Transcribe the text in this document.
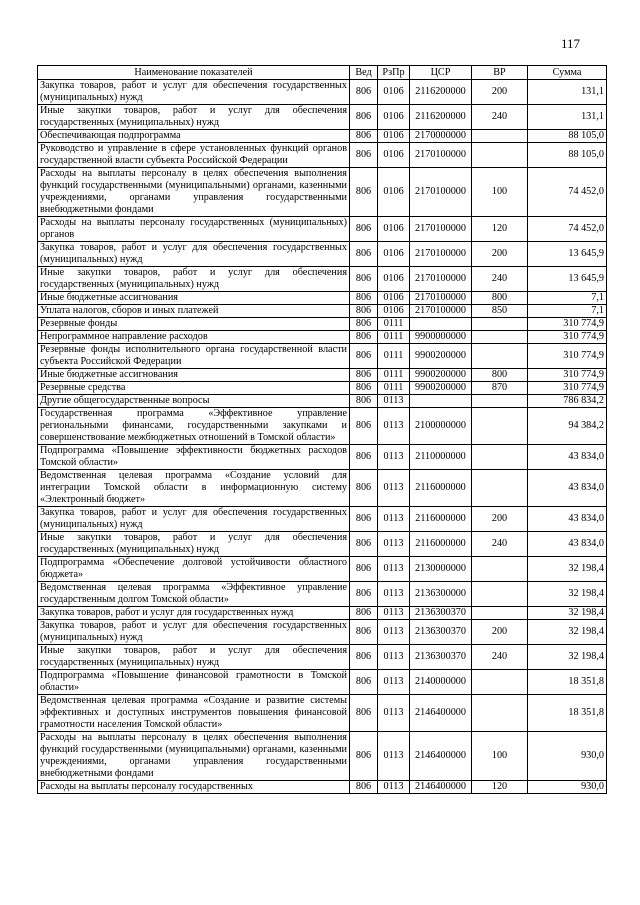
117
Наименование показателей	Вед	РзПр	ЦСР	ВР	Сумма
Закупка товаров, работ и услуг для обеспечения государственных (муниципальных) нужд	806	0106	2116200000	200	131,1
Иные закупки товаров, работ и услуг для обеспечения государственных (муниципальных) нужд	806	0106	2116200000	240	131,1
Обеспечивающая подпрограмма	806	0106	2170000000		88 105,0
Руководство и управление в сфере установленных функций органов государственной власти субъекта Российской Федерации	806	0106	2170100000		88 105,0
Расходы на выплаты персоналу в целях обеспечения выполнения функций государственными (муниципальными) органами, казенными учреждениями, органами управления государственными внебюджетными фондами	806	0106	2170100000	100	74 452,0
Расходы на выплаты персоналу государственных (муниципальных) органов	806	0106	2170100000	120	74 452,0
Закупка товаров, работ и услуг для обеспечения государственных (муниципальных) нужд	806	0106	2170100000	200	13 645,9
Иные закупки товаров, работ и услуг для обеспечения государственных (муниципальных) нужд	806	0106	2170100000	240	13 645,9
Иные бюджетные ассигнования	806	0106	2170100000	800	7,1
Уплата налогов, сборов и иных платежей	806	0106	2170100000	850	7,1
Резервные фонды	806	0111			310 774,9
Непрограммное направление расходов	806	0111	9900000000		310 774,9
Резервные фонды исполнительного органа государственной власти субъекта Российской Федерации	806	0111	9900200000		310 774,9
Иные бюджетные ассигнования	806	0111	9900200000	800	310 774,9
Резервные средства	806	0111	9900200000	870	310 774,9
Другие общегосударственные вопросы	806	0113			786 834,2
Государственная программа «Эффективное управление региональными финансами, государственными закупками и совершенствование межбюджетных отношений в Томской области»	806	0113	2100000000		94 384,2
Подпрограмма «Повышение эффективности бюджетных расходов Томской области»	806	0113	2110000000		43 834,0
Ведомственная целевая программа «Создание условий для интеграции Томской области в информационную систему «Электронный бюджет»	806	0113	2116000000		43 834,0
Закупка товаров, работ и услуг для обеспечения государственных (муниципальных) нужд	806	0113	2116000000	200	43 834,0
Иные закупки товаров, работ и услуг для обеспечения государственных (муниципальных) нужд	806	0113	2116000000	240	43 834,0
Подпрограмма «Обеспечение долговой устойчивости областного бюджета»	806	0113	2130000000		32 198,4
Ведомственная целевая программа «Эффективное управление государственным долгом Томской области»	806	0113	2136300000		32 198,4
Закупка товаров, работ и услуг для государственных нужд	806	0113	2136300370		32 198,4
Закупка товаров, работ и услуг для обеспечения государственных (муниципальных) нужд	806	0113	2136300370	200	32 198,4
Иные закупки товаров, работ и услуг для обеспечения государственных (муниципальных) нужд	806	0113	2136300370	240	32 198,4
Подпрограмма «Повышение финансовой грамотности в Томской области»	806	0113	2140000000		18 351,8
Ведомственная целевая программа «Создание и развитие системы эффективных и доступных инструментов повышения финансовой грамотности населения Томской области»	806	0113	2146400000		18 351,8
Расходы на выплаты персоналу в целях обеспечения выполнения функций государственными (муниципальными) органами, казенными учреждениями, органами управления государственными внебюджетными фондами	806	0113	2146400000	100	930,0
Расходы на выплаты персоналу государственных	806	0113	2146400000	120	930,0
